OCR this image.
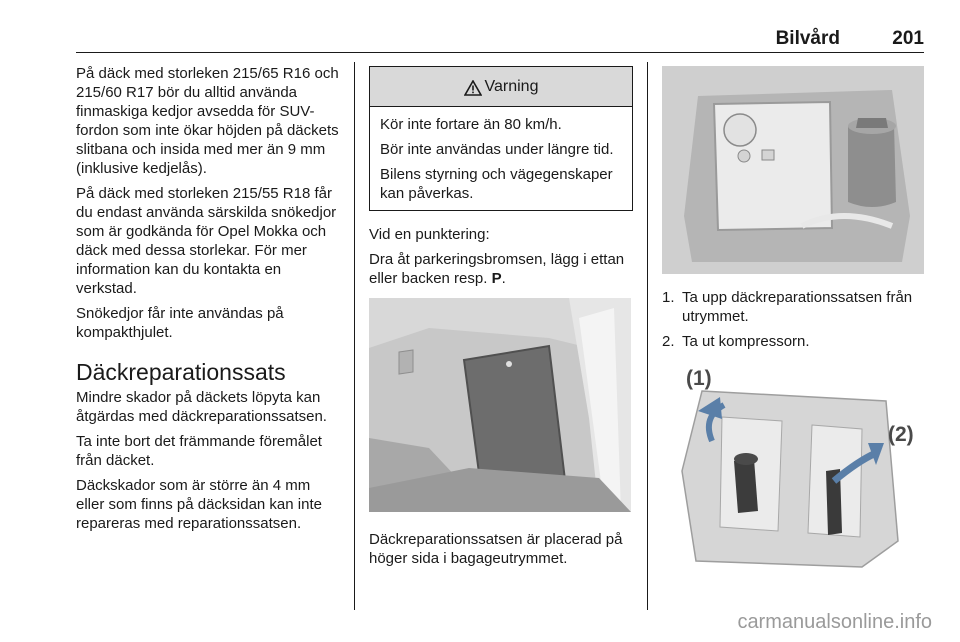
Bilvård	201

På däck med storleken 215/65 R16 och 215/60 R17 bör du alltid använda finmaskiga kedjor avsedda för SUV-fordon som inte ökar höjden på däckets slitbana och insida med mer än 9 mm (inklusive kedjelås).

På däck med storleken 215/55 R18 får du endast använda särskilda snökedjor som är godkända för Opel Mokka och däck med dessa storlekar. För mer information kan du kontakta en verkstad.

Snökedjor får inte användas på kompakthjulet.

Däckreparationssats

Mindre skador på däckets löpyta kan åtgärdas med däckreparationssatsen.

Ta inte bort det främmande föremålet från däcket.

Däckskador som är större än 4 mm eller som finns på däcksidan kan inte repareras med reparationssatsen.

Varning

Kör inte fortare än 80 km/h.

Bör inte användas under längre tid.

Bilens styrning och vägegenskaper kan påverkas.

Vid en punktering:

Dra åt parkeringsbromsen, lägg i ettan eller backen resp. P.

Däckreparationssatsen är placerad på höger sida i bagageutrymmet.

1. Ta upp däckreparationssatsen från utrymmet.
2. Ta ut kompressorn.
(1)
(2)
carmanualsonline.info
